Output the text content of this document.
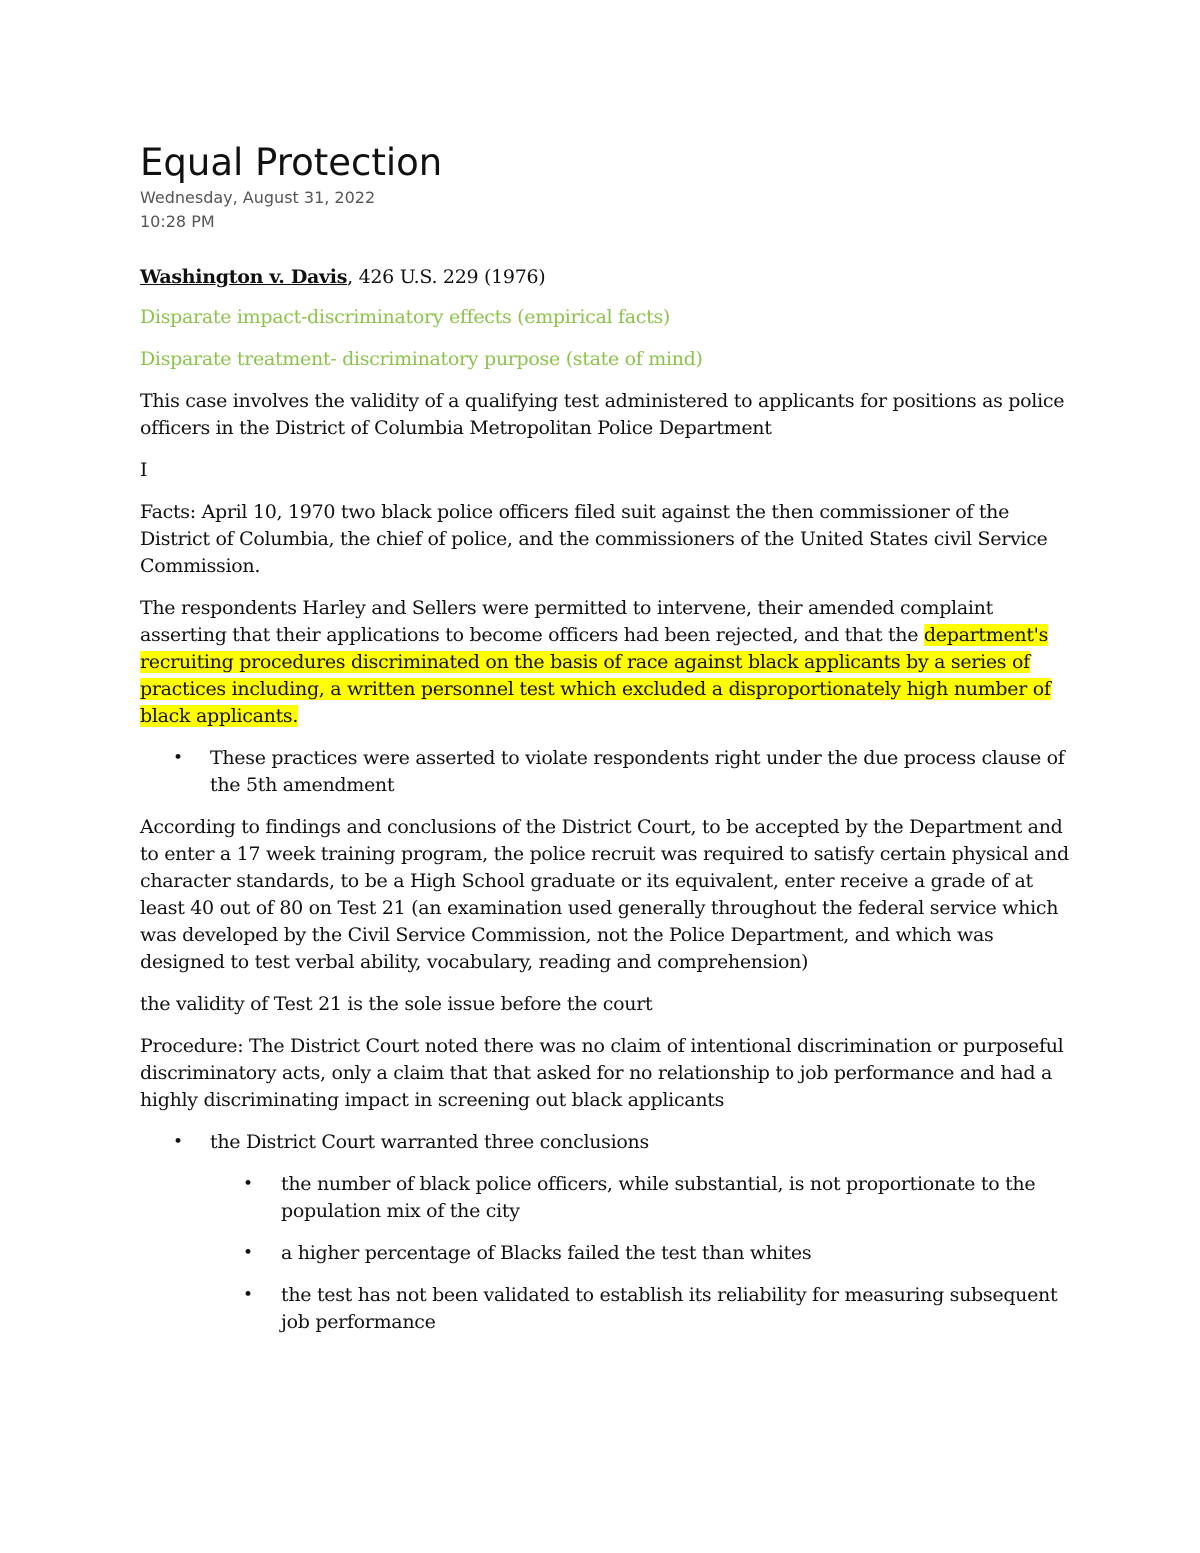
Equal Protection
Wednesday, August 31, 2022
10:28 PM

Washington v. Davis, 426 U.S. 229 (1976)

Disparate impact-discriminatory effects (empirical facts)

Disparate treatment- discriminatory purpose (state of mind)

This case involves the validity of a qualifying test administered to applicants for positions as police officers in the District of Columbia Metropolitan Police Department

I

Facts: April 10, 1970 two black police officers filed suit against the then commissioner of the District of Columbia, the chief of police, and the commissioners of the United States civil Service Commission.

The respondents Harley and Sellers were permitted to intervene, their amended complaint asserting that their applications to become officers had been rejected, and that the department's recruiting procedures discriminated on the basis of race against black applicants by a series of practices including, a written personnel test which excluded a disproportionately high number of black applicants.

• These practices were asserted to violate respondents right under the due process clause of the 5th amendment

According to findings and conclusions of the District Court, to be accepted by the Department and to enter a 17 week training program, the police recruit was required to satisfy certain physical and character standards, to be a High School graduate or its equivalent, enter receive a grade of at least 40 out of 80 on Test 21 (an examination used generally throughout the federal service which was developed by the Civil Service Commission, not the Police Department, and which was designed to test verbal ability, vocabulary, reading and comprehension)

the validity of Test 21 is the sole issue before the court

Procedure: The District Court noted there was no claim of intentional discrimination or purposeful discriminatory acts, only a claim that that asked for no relationship to job performance and had a highly discriminating impact in screening out black applicants

• the District Court warranted three conclusions
• the number of black police officers, while substantial, is not proportionate to the population mix of the city
• a higher percentage of Blacks failed the test than whites
• the test has not been validated to establish its reliability for measuring subsequent job performance
